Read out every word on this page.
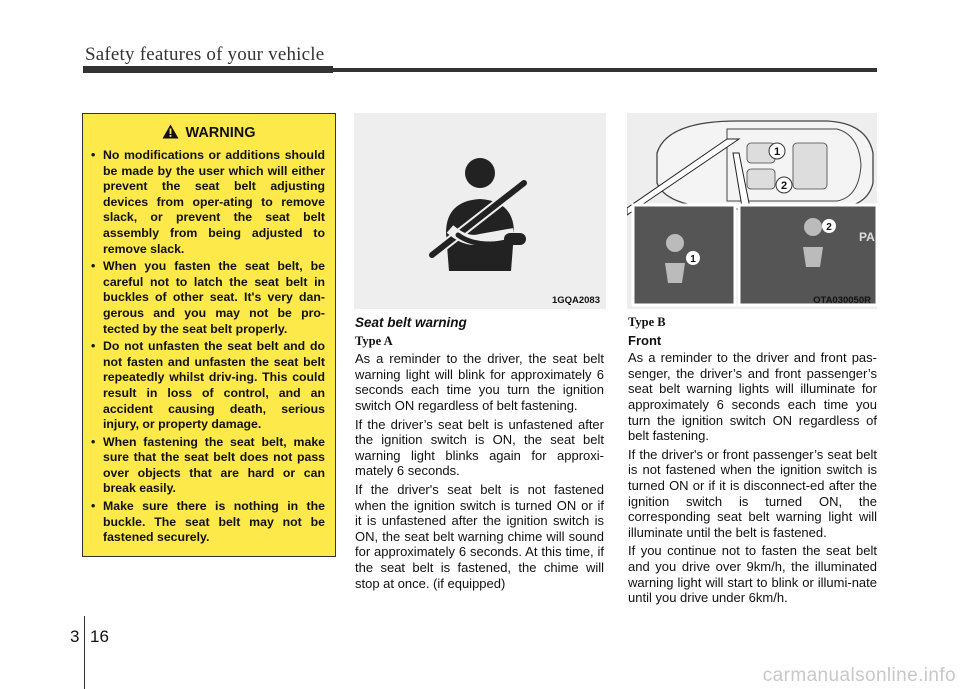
Safety features of your vehicle
WARNING
• No modifications or additions should be made by the user which will either prevent the seat belt adjusting devices from oper-ating to remove slack, or prevent the seat belt assembly from being adjusted to remove slack.
• When you fasten the seat belt, be careful not to latch the seat belt in buckles of other seat. It's very dan-gerous and you may not be pro-tected by the seat belt properly.
• Do not unfasten the seat belt and do not fasten and unfasten the seat belt repeatedly whilst driv-ing. This could result in loss of control, and an accident causing death, serious injury, or property damage.
• When fastening the seat belt, make sure that the seat belt does not pass over objects that are hard or can break easily.
• Make sure there is nothing in the buckle. The seat belt may not be fastened securely.
1GQA2083
1
2
1
2
PA
OTA030050R
Seat belt warning
Type A

As a reminder to the driver, the seat belt warning light will blink for approximately 6 seconds each time you turn the ignition switch ON regardless of belt fastening.

If the driver’s seat belt is unfastened after the ignition switch is ON, the seat belt warning light blinks again for approxi-mately 6 seconds.

If the driver's seat belt is not fastened when the ignition switch is turned ON or if it is unfastened after the ignition switch is ON, the seat belt warning chime will sound for approximately 6 seconds. At this time, if the seat belt is fastened, the chime will stop at once. (if equipped)

Type B
Front

As a reminder to the driver and front pas-senger, the driver’s and front passenger’s seat belt warning lights will illuminate for approximately 6 seconds each time you turn the ignition switch ON regardless of belt fastening.

If the driver's or front passenger’s seat belt is not fastened when the ignition switch is turned ON or if it is disconnect-ed after the ignition switch is turned ON, the corresponding seat belt warning light will illuminate until the belt is fastened.

If you continue not to fasten the seat belt and you drive over 9km/h, the illuminated warning light will start to blink or illumi-nate until you drive under 6km/h.

3 16
carmanualsonline.info
